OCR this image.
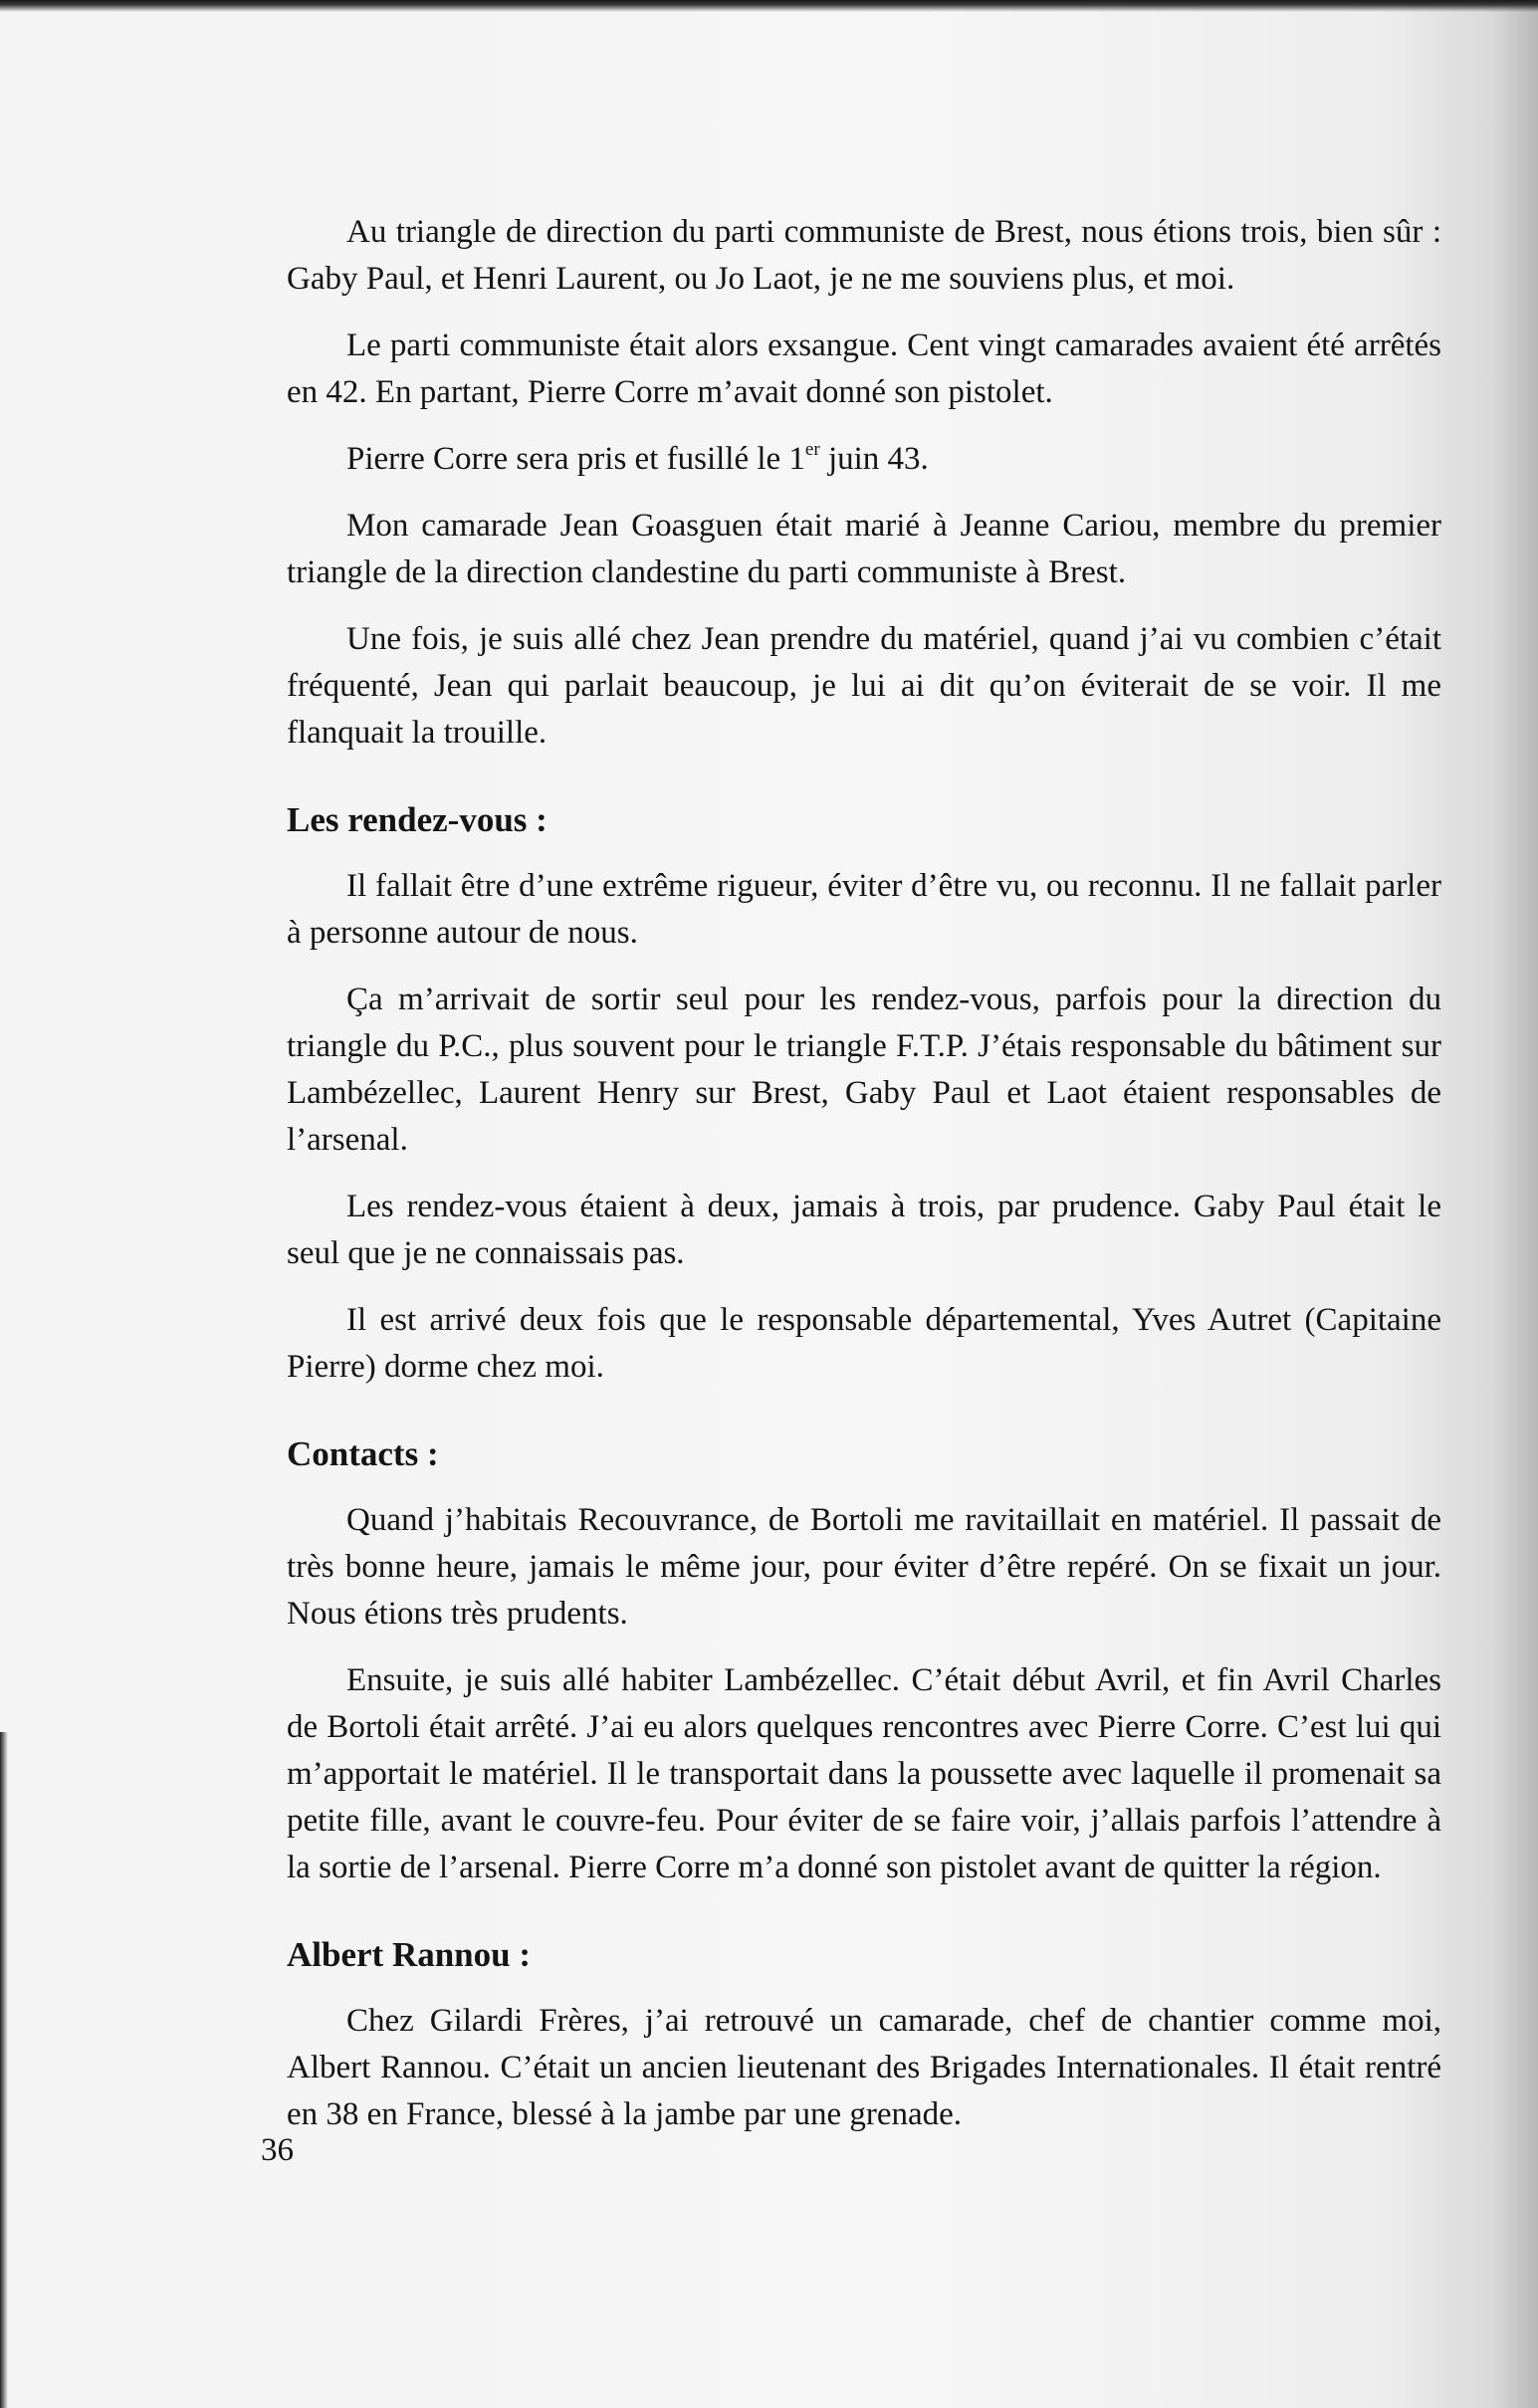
Au triangle de direction du parti communiste de Brest, nous étions trois, bien sûr : Gaby Paul, et Henri Laurent, ou Jo Laot, je ne me souviens plus, et moi.

Le parti communiste était alors exsangue. Cent vingt camarades avaient été arrêtés en 42. En partant, Pierre Corre m’avait donné son pistolet.

Pierre Corre sera pris et fusillé le 1er juin 43.

Mon camarade Jean Goasguen était marié à Jeanne Cariou, membre du premier triangle de la direction clandestine du parti communiste à Brest.

Une fois, je suis allé chez Jean prendre du matériel, quand j’ai vu combien c’était fréquenté, Jean qui parlait beaucoup, je lui ai dit qu’on éviterait de se voir. Il me flanquait la trouille.

Les rendez-vous :

Il fallait être d’une extrême rigueur, éviter d’être vu, ou reconnu. Il ne fallait parler à personne autour de nous.

Ça m’arrivait de sortir seul pour les rendez-vous, parfois pour la direction du triangle du P.C., plus souvent pour le triangle F.T.P. J’étais responsable du bâtiment sur Lambézellec, Laurent Henry sur Brest, Gaby Paul et Laot étaient responsables de l’arsenal.

Les rendez-vous étaient à deux, jamais à trois, par prudence. Gaby Paul était le seul que je ne connaissais pas.

Il est arrivé deux fois que le responsable départemental, Yves Autret (Capitaine Pierre) dorme chez moi.

Contacts :

Quand j’habitais Recouvrance, de Bortoli me ravitaillait en matériel. Il passait de très bonne heure, jamais le même jour, pour éviter d’être repéré. On se fixait un jour. Nous étions très prudents.

Ensuite, je suis allé habiter Lambézellec. C’était début Avril, et fin Avril Charles de Bortoli était arrêté. J’ai eu alors quelques rencontres avec Pierre Corre. C’est lui qui m’apportait le matériel. Il le transportait dans la poussette avec laquelle il promenait sa petite fille, avant le couvre-feu. Pour éviter de se faire voir, j’allais parfois l’attendre à la sortie de l’arsenal. Pierre Corre m’a donné son pistolet avant de quitter la région.

Albert Rannou :

Chez Gilardi Frères, j’ai retrouvé un camarade, chef de chantier comme moi, Albert Rannou. C’était un ancien lieutenant des Brigades Internationales. Il était rentré en 38 en France, blessé à la jambe par une grenade.

36
